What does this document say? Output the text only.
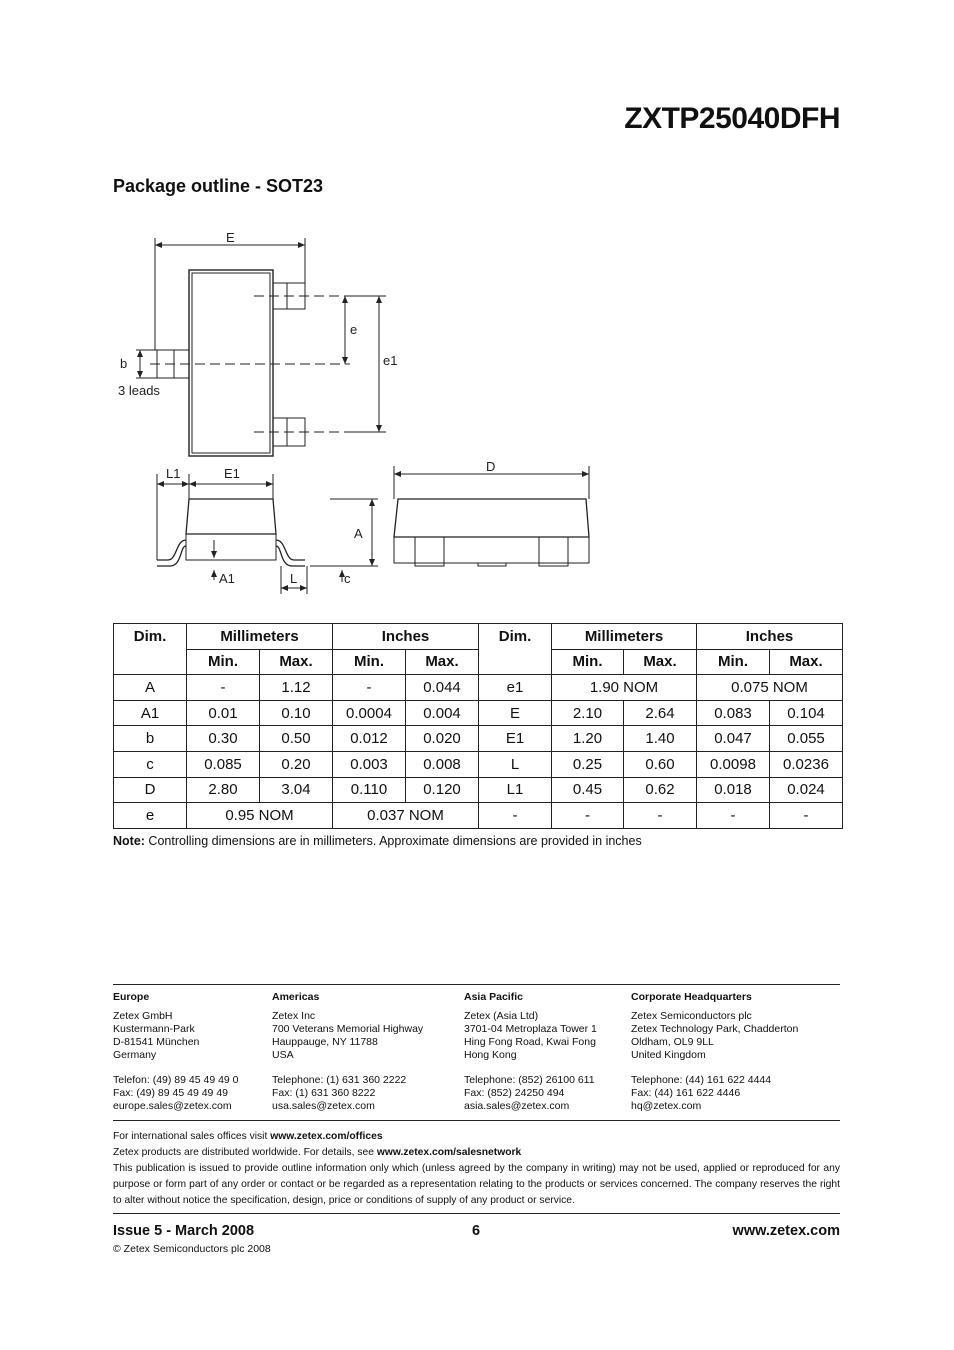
ZXTP25040DFH
Package outline - SOT23
E
e
e1
b
3 leads
L1	E1	D
A
A1	L	c
Dim.	Millimeters		Inches		Dim.	Millimeters		Inches	
	Min.	Max.	Min.	Max.		Min.	Max.	Min.	Max.
A	-	1.12	-	0.044	e1	1.90 NOM		0.075 NOM	
A1	0.01	0.10	0.0004	0.004	E	2.10	2.64	0.083	0.104
b	0.30	0.50	0.012	0.020	E1	1.20	1.40	0.047	0.055
c	0.085	0.20	0.003	0.008	L	0.25	0.60	0.0098	0.0236
D	2.80	3.04	0.110	0.120	L1	0.45	0.62	0.018	0.024
e	0.95 NOM		0.037 NOM		-	-	-	-	-
Note: Controlling dimensions are in millimeters. Approximate dimensions are provided in inches
Europe
Zetex GmbH
Kustermann-Park
D-81541 München
Germany
Telefon: (49) 89 45 49 49 0
Fax: (49) 89 45 49 49 49
europe.sales@zetex.com
Americas
Zetex Inc
700 Veterans Memorial Highway
Hauppauge, NY 11788
USA
Telephone: (1) 631 360 2222
Fax: (1) 631 360 8222
usa.sales@zetex.com
Asia Pacific
Zetex (Asia Ltd)
3701-04 Metroplaza Tower 1
Hing Fong Road, Kwai Fong
Hong Kong
Telephone: (852) 26100 611
Fax: (852) 24250 494
asia.sales@zetex.com
Corporate Headquarters
Zetex Semiconductors plc
Zetex Technology Park, Chadderton
Oldham, OL9 9LL
United Kingdom
Telephone: (44) 161 622 4444
Fax: (44) 161 622 4446
hq@zetex.com
For international sales offices visit www.zetex.com/offices
Zetex products are distributed worldwide. For details, see www.zetex.com/salesnetwork
This publication is issued to provide outline information only which (unless agreed by the company in writing) may not be used, applied or reproduced for any purpose or form part of any order or contact or be regarded as a representation relating to the products or services concerned. The company reserves the right to alter without notice the specification, design, price or conditions of supply of any product or service.
Issue 5 - March 2008	6	www.zetex.com
© Zetex Semiconductors plc 2008
